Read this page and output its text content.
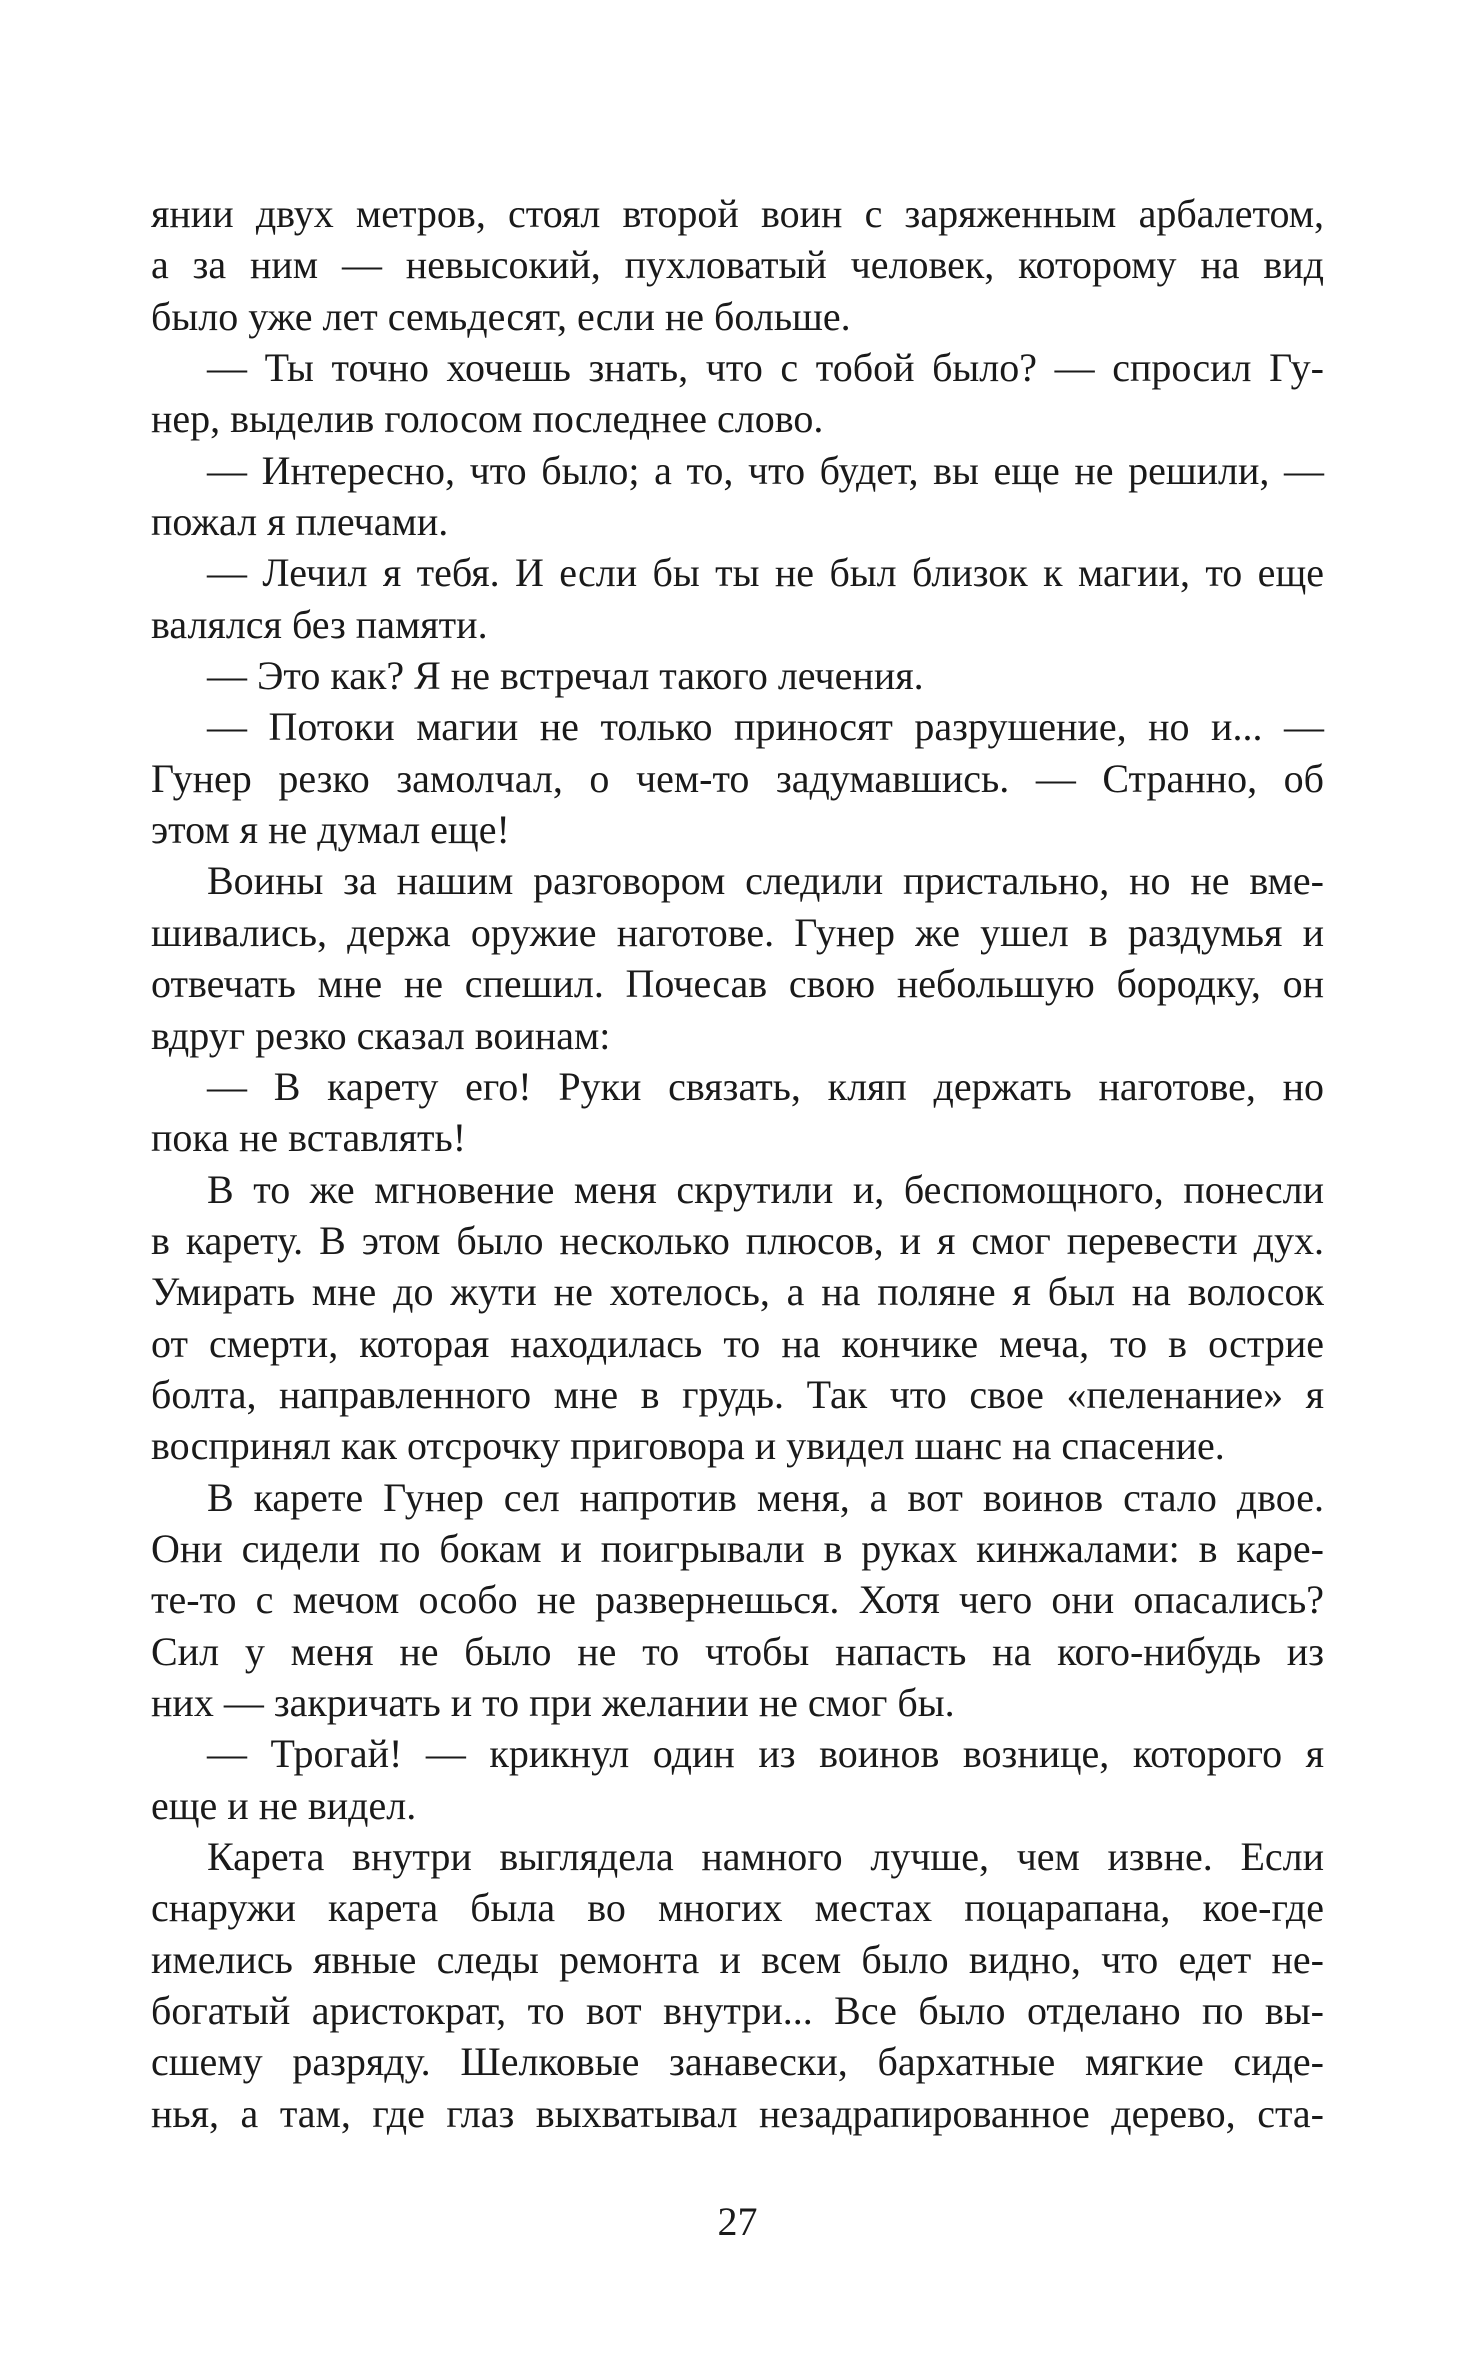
янии двух метров, стоял второй воин с заряженным арбалетом,
а за ним — невысокий, пухловатый человек, которому на вид
было уже лет семьдесят, если не больше.
— Ты точно хочешь знать, что с тобой было? — спросил Гу-
нер, выделив голосом последнее слово.
— Интересно, что было; а то, что будет, вы еще не решили, —
пожал я плечами.
— Лечил я тебя. И если бы ты не был близок к магии, то еще
валялся без памяти.
— Это как? Я не встречал такого лечения.
— Потоки магии не только приносят разрушение, но и... —
Гунер резко замолчал, о чем-то задумавшись. — Странно, об
этом я не думал еще!
Воины за нашим разговором следили пристально, но не вме-
шивались, держа оружие наготове. Гунер же ушел в раздумья и
отвечать мне не спешил. Почесав свою небольшую бородку, он
вдруг резко сказал воинам:
— В карету его! Руки связать, кляп держать наготове, но
пока не вставлять!
В то же мгновение меня скрутили и, беспомощного, понесли
в карету. В этом было несколько плюсов, и я смог перевести дух.
Умирать мне до жути не хотелось, а на поляне я был на волосок
от смерти, которая находилась то на кончике меча, то в острие
болта, направленного мне в грудь. Так что свое «пеленание» я
воспринял как отсрочку приговора и увидел шанс на спасение.
В карете Гунер сел напротив меня, а вот воинов стало двое.
Они сидели по бокам и поигрывали в руках кинжалами: в каре-
те-то с мечом особо не развернешься. Хотя чего они опасались?
Сил у меня не было не то чтобы напасть на кого-нибудь из
них — закричать и то при желании не смог бы.
— Трогай! — крикнул один из воинов вознице, которого я
еще и не видел.
Карета внутри выглядела намного лучше, чем извне. Если
снаружи карета была во многих местах поцарапана, кое-где
имелись явные следы ремонта и всем было видно, что едет не-
богатый аристократ, то вот внутри... Все было отделано по вы-
сшему разряду. Шелковые занавески, бархатные мягкие сиде-
нья, а там, где глаз выхватывал незадрапированное дерево, ста-
27
